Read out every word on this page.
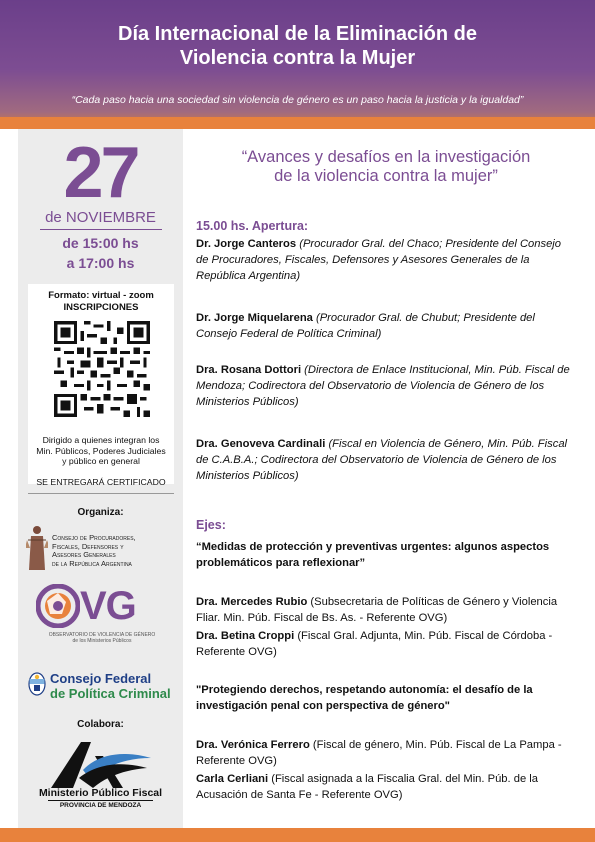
Día Internacional de la Eliminación de
Violencia contra la Mujer
“Cada paso hacia una sociedad sin violencia de género es un paso hacia la justicia y la igualdad”
27
de NOVIEMBRE
de 15:00 hs
a 17:00 hs
Formato: virtual - zoom
INSCRIPCIONES
Dirigido a quienes integran los
Min. Públicos, Poderes Judiciales
y público en general
SE ENTREGARÁ CERTIFICADO
Organiza:
Consejo de Procuradores,
Fiscales, Defensores y
Asesores Generales
de la República Argentina
VG
OBSERVATORIO DE VIOLENCIA DE GÉNERO
de los Ministerios Públicos
Consejo Federal
de Política Criminal
Colabora:
Ministerio Público Fiscal
PROVINCIA DE MENDOZA
“Avances y desafíos en la investigación
de la violencia contra la mujer”
15.00 hs. Apertura:
Dr. Jorge Canteros (Procurador Gral. del Chaco; Presidente del Consejo de Procuradores, Fiscales, Defensores y Asesores Generales de la República Argentina)
Dr. Jorge Miquelarena (Procurador Gral. de Chubut; Presidente del Consejo Federal de Política Criminal)
Dra. Rosana Dottori (Directora de Enlace Institucional, Min. Púb. Fiscal de Mendoza; Codirectora del Observatorio de Violencia de Género de los Ministerios Públicos)
Dra. Genoveva Cardinali (Fiscal en Violencia de Género, Min. Púb. Fiscal de C.A.B.A.; Codirectora del Observatorio de Violencia de Género de los Ministerios Públicos)
Ejes:
“Medidas de protección y preventivas urgentes: algunos aspectos problemáticos para reflexionar”
Dra. Mercedes Rubio (Subsecretaria de Políticas de Género y Violencia Fliar. Min. Púb. Fiscal de Bs. As. - Referente OVG)
Dra. Betina Croppi (Fiscal Gral. Adjunta, Min. Púb. Fiscal de Córdoba - Referente OVG)
"Protegiendo derechos, respetando autonomía: el desafío de la investigación penal con perspectiva de género"
Dra. Verónica Ferrero (Fiscal de género, Min. Púb. Fiscal de La Pampa - Referente OVG)
Carla Cerliani (Fiscal asignada a la Fiscalia Gral. del Min. Púb. de la Acusación de Santa Fe - Referente OVG)
